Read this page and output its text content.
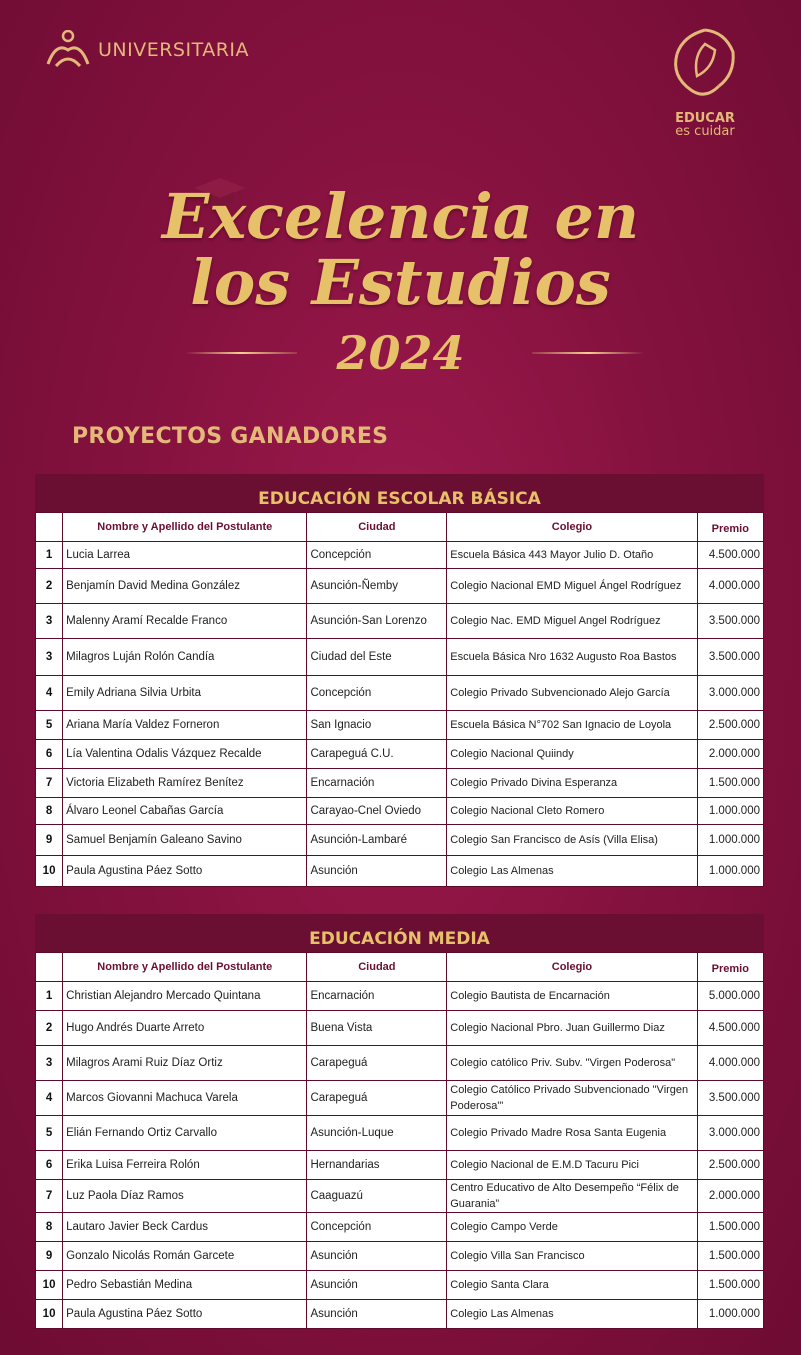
UNIVERSITARIA
EDUCAR
es cuidar
Excelencia en
los Estudios
2024
PROYECTOS GANADORES
EDUCACIÓN ESCOLAR BÁSICA
	Nombre y Apellido del Postulante	Ciudad	Colegio	Premio
1	Lucia Larrea	Concepción	Escuela Básica 443 Mayor Julio D. Otaño	4.500.000
2	Benjamín David Medina González	Asunción-Ñemby	Colegio Nacional EMD Miguel Ángel Rodríguez	4.000.000
3	Malenny Aramí Recalde Franco	Asunción-San Lorenzo	Colegio Nac. EMD Miguel Angel Rodríguez	3.500.000
3	Milagros Luján Rolón Candía	Ciudad del Este	Escuela Básica Nro 1632 Augusto Roa Bastos	3.500.000
4	Emily Adriana Silvia Urbita	Concepción	Colegio Privado Subvencionado Alejo García	3.000.000
5	Ariana María Valdez Forneron	San Ignacio	Escuela Básica N°702 San Ignacio de Loyola	2.500.000
6	Lía Valentina Odalis Vázquez Recalde	Carapeguá C.U.	Colegio Nacional Quiindy	2.000.000
7	Victoria Elizabeth Ramírez Benítez	Encarnación	Colegio Privado Divina Esperanza	1.500.000
8	Álvaro Leonel Cabañas García	Carayao-Cnel Oviedo	Colegio Nacional Cleto Romero	1.000.000
9	Samuel Benjamín Galeano Savino	Asunción-Lambaré	Colegio San Francisco de Asís (Villa Elisa)	1.000.000
10	Paula Agustina Páez Sotto	Asunción	Colegio Las Almenas	1.000.000
EDUCACIÓN MEDIA
	Nombre y Apellido del Postulante	Ciudad	Colegio	Premio
1	Christian Alejandro Mercado Quintana	Encarnación	Colegio Bautista de Encarnación	5.000.000
2	Hugo Andrés Duarte Arreto	Buena Vista	Colegio Nacional Pbro. Juan Guillermo Diaz	4.500.000
3	Milagros Arami Ruiz Díaz Ortiz	Carapeguá	Colegio católico Priv. Subv. "Virgen Poderosa"	4.000.000
4	Marcos Giovanni Machuca Varela	Carapeguá	Colegio Católico Privado Subvencionado "Virgen Poderosa"'	3.500.000
5	Elián Fernando Ortiz Carvallo	Asunción-Luque	Colegio Privado Madre Rosa Santa Eugenia	3.000.000
6	Erika Luisa Ferreira Rolón	Hernandarias	Colegio Nacional de E.M.D Tacuru Pici	2.500.000
7	Luz Paola Díaz Ramos	Caaguazú	Centro Educativo de Alto Desempeño “Félix de Guarania”	2.000.000
8	Lautaro Javier Beck Cardus	Concepción	Colegio Campo Verde	1.500.000
9	Gonzalo Nicolás Román Garcete	Asunción	Colegio Villa San Francisco	1.500.000
10	Pedro Sebastián Medina	Asunción	Colegio Santa Clara	1.500.000
10	Paula Agustina Páez Sotto	Asunción	Colegio Las Almenas	1.000.000
